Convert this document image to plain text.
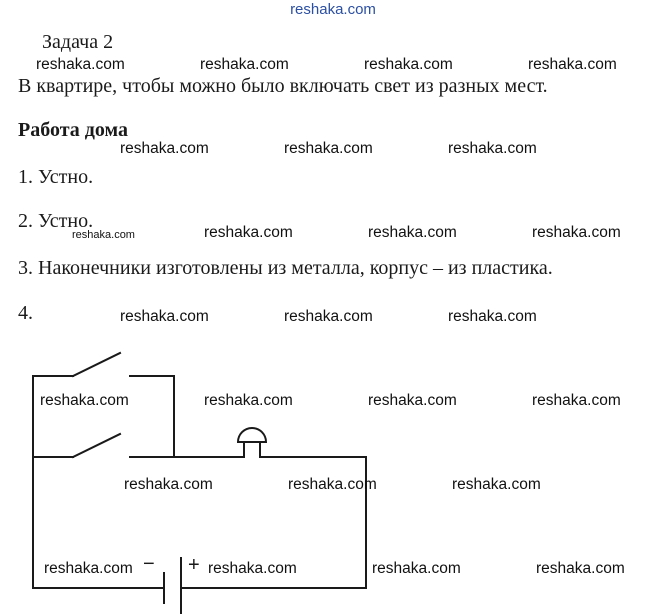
reshaka.com
Задача 2
В квартире, чтобы можно было включать свет из разных мест.
Работа дома
1. Устно.
2. Устно.
3. Наконечники изготовлены из металла, корпус – из пластика.
4.
− +
reshaka.com	reshaka.com	reshaka.com	reshaka.com
reshaka.com	reshaka.com	reshaka.com
reshaka.com	reshaka.com	reshaka.com	reshaka.com
reshaka.com	reshaka.com	reshaka.com
reshaka.com	reshaka.com	reshaka.com	reshaka.com
reshaka.com	reshaka.com	reshaka.com
reshaka.com	reshaka.com	reshaka.com	reshaka.com
